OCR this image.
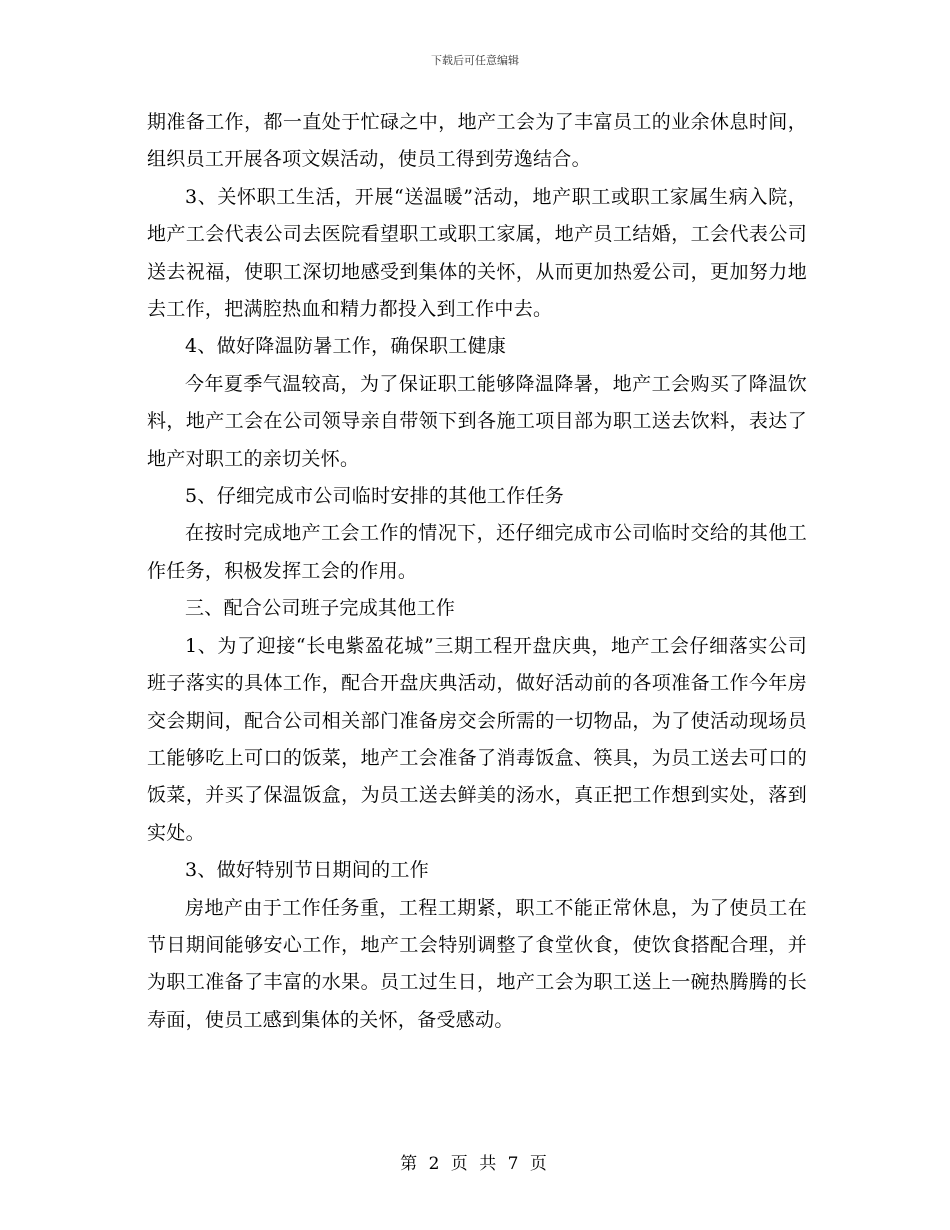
下载后可任意编辑

期准备工作，都一直处于忙碌之中，地产工会为了丰富员工的业余休息时间，组织员工开展各项文娱活动，使员工得到劳逸结合。

3、关怀职工生活，开展“送温暖”活动，地产职工或职工家属生病入院，地产工会代表公司去医院看望职工或职工家属，地产员工结婚，工会代表公司送去祝福，使职工深切地感受到集体的关怀，从而更加热爱公司，更加努力地去工作，把满腔热血和精力都投入到工作中去。

4、做好降温防暑工作，确保职工健康

今年夏季气温较高，为了保证职工能够降温降暑，地产工会购买了降温饮料，地产工会在公司领导亲自带领下到各施工项目部为职工送去饮料，表达了地产对职工的亲切关怀。

5、仔细完成市公司临时安排的其他工作任务

在按时完成地产工会工作的情况下，还仔细完成市公司临时交给的其他工作任务，积极发挥工会的作用。

三、配合公司班子完成其他工作

1、为了迎接“长电紫盈花城”三期工程开盘庆典，地产工会仔细落实公司班子落实的具体工作，配合开盘庆典活动，做好活动前的各项准备工作今年房交会期间，配合公司相关部门准备房交会所需的一切物品，为了使活动现场员工能够吃上可口的饭菜，地产工会准备了消毒饭盒、筷具，为员工送去可口的饭菜，并买了保温饭盒，为员工送去鲜美的汤水，真正把工作想到实处，落到实处。

3、做好特别节日期间的工作

房地产由于工作任务重，工程工期紧，职工不能正常休息，为了使员工在节日期间能够安心工作，地产工会特别调整了食堂伙食，使饮食搭配合理，并为职工准备了丰富的水果。员工过生日，地产工会为职工送上一碗热腾腾的长寿面，使员工感到集体的关怀，备受感动。

第 2 页 共 7 页
